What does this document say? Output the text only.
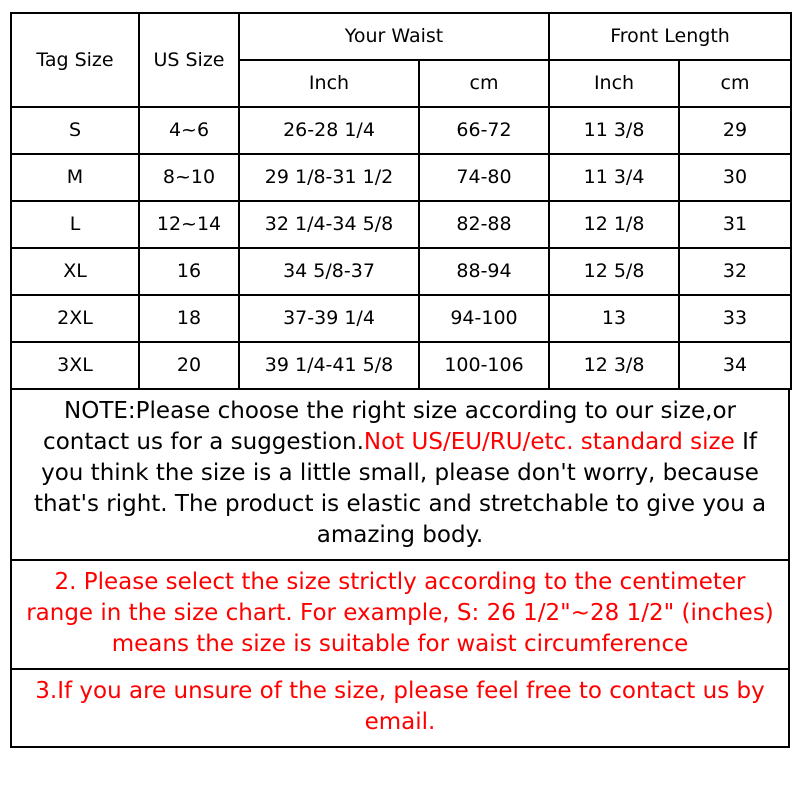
Tag Size	US Size	Your Waist		Front Length	
		Inch	cm	Inch	cm
S	4~6	26-28 1/4	66-72	11 3/8	29
M	8~10	29 1/8-31 1/2	74-80	11 3/4	30
L	12~14	32 1/4-34 5/8	82-88	12 1/8	31
XL	16	34 5/8-37	88-94	12 5/8	32
2XL	18	37-39 1/4	94-100	13	33
3XL	20	39 1/4-41 5/8	100-106	12 3/8	34
NOTE:Please choose the right size according to our size,or contact us for a suggestion.Not US/EU/RU/etc. standard size If you think the size is a little small, please don't worry, because that's right. The product is elastic and stretchable to give you a amazing body.
2. Please select the size strictly according to the centimeter range in the size chart. For example, S: 26 1/2"~28 1/2" (inches) means the size is suitable for waist circumference
3.If you are unsure of the size, please feel free to contact us by email.
